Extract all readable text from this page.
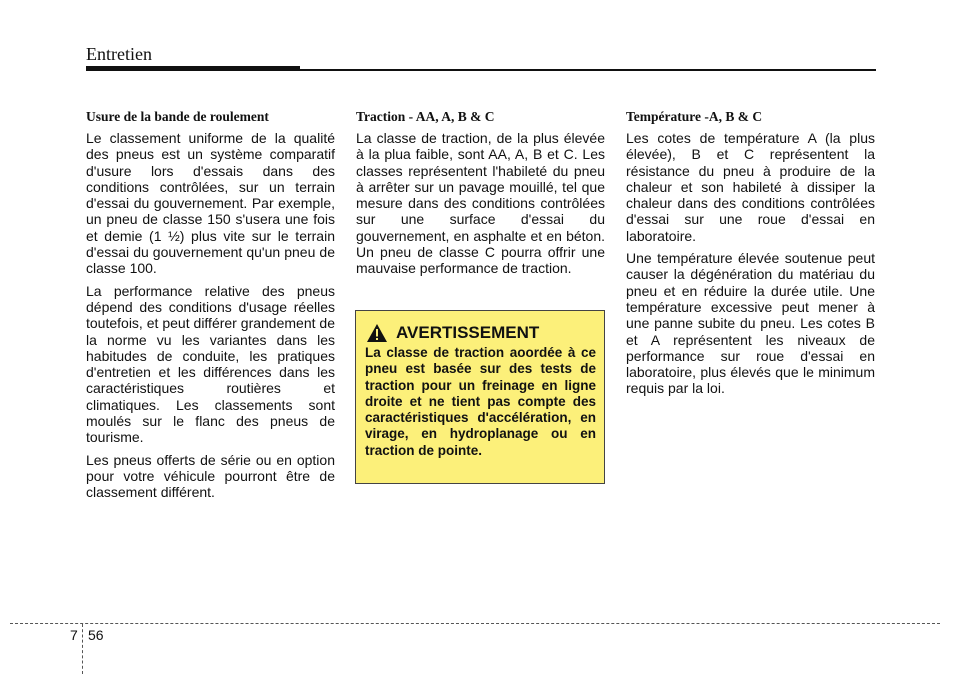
Entretien
Usure de la bande de roulement

Le classement uniforme de la qualité des pneus est un système comparatif d'usure lors d'essais dans des conditions contrôlées, sur un terrain d'essai du gouvernement. Par exemple, un pneu de classe 150 s'usera une fois et demie (1 ½) plus vite sur le terrain d'essai du gouvernement qu'un pneu de classe 100.

La performance relative des pneus dépend des conditions d'usage réelles toutefois, et peut différer grandement de la norme vu les variantes dans les habitudes de conduite, les pratiques d'entretien et les différences dans les caractéristiques routières et climatiques. Les classements sont moulés sur le flanc des pneus de tourisme.

Les pneus offerts de série ou en option pour votre véhicule pourront être de classement différent.

Traction - AA, A, B & C

La classe de traction, de la plus élevée à la plua faible, sont AA, A, B et C. Les classes représentent l'habileté du pneu à arrêter sur un pavage mouillé, tel que mesure dans des conditions contrôlées sur une surface d'essai du gouvernement, en asphalte et en béton. Un pneu de classe C pourra offrir une mauvaise performance de traction.

AVERTISSEMENT
La classe de traction aoordée à ce pneu est basée sur des tests de traction pour un freinage en ligne droite et ne tient pas compte des caractéristiques d'accélération, en virage, en hydroplanage ou en traction de pointe.
Température -A, B & C

Les cotes de température A (la plus élevée), B et C représentent la résistance du pneu à produire de la chaleur et son habileté à dissiper la chaleur dans des conditions contrôlées d'essai sur une roue d'essai en laboratoire.

Une température élevée soutenue peut causer la dégénération du matériau du pneu et en réduire la durée utile. Une température excessive peut mener à une panne subite du pneu. Les cotes B et A représentent les niveaux de performance sur roue d'essai en laboratoire, plus élevés que le minimum requis par la loi.

7 56
